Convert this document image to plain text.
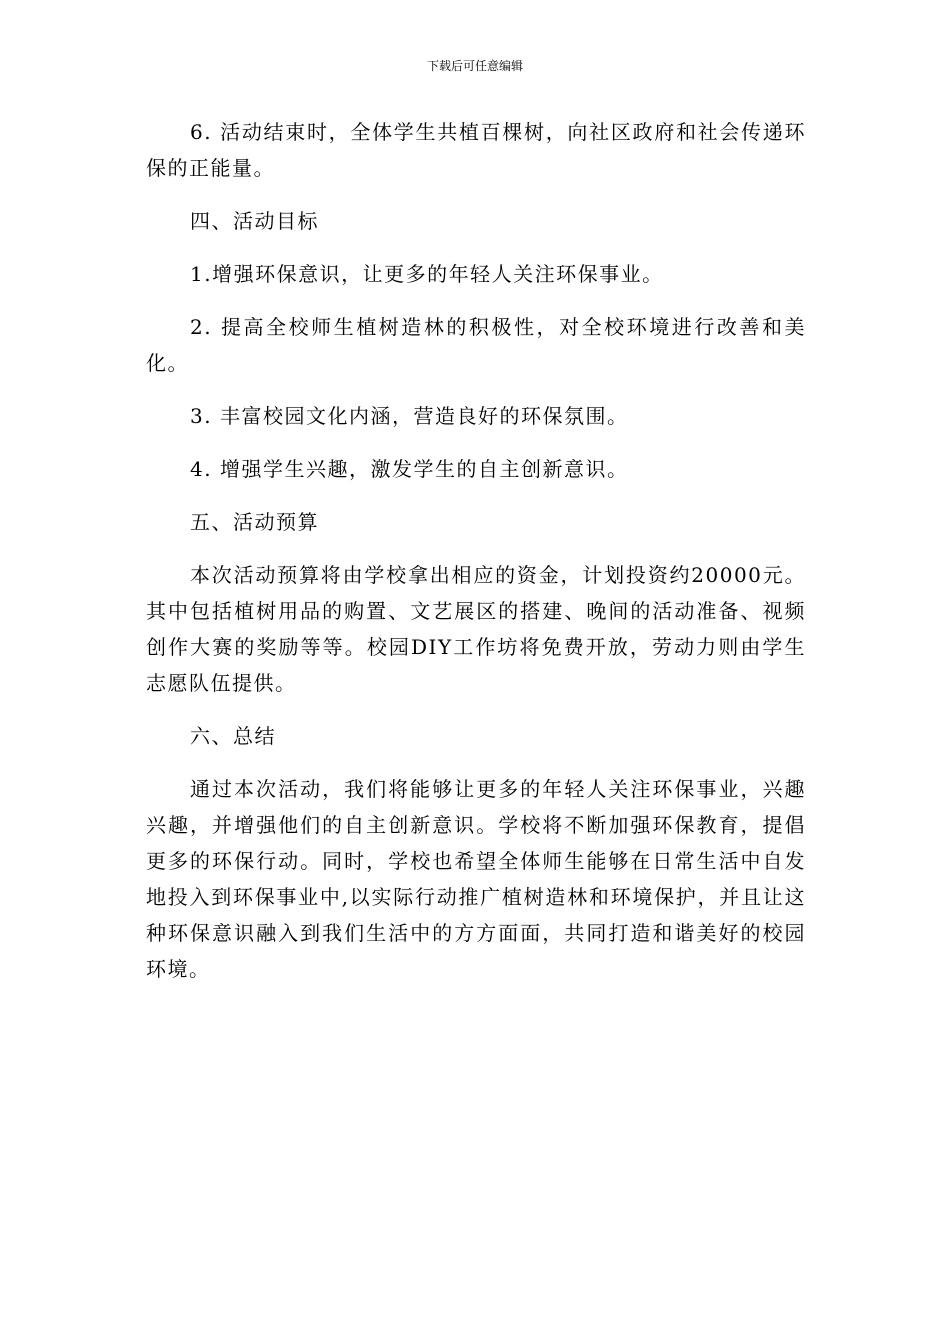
下载后可任意编辑

6. 活动结束时，全体学生共植百棵树，向社区政府和社会传递环保的正能量。

四、活动目标

1.增强环保意识，让更多的年轻人关注环保事业。

2. 提高全校师生植树造林的积极性，对全校环境进行改善和美化。

3. 丰富校园文化内涵，营造良好的环保氛围。

4. 增强学生兴趣，激发学生的自主创新意识。

五、活动预算

本次活动预算将由学校拿出相应的资金，计划投资约20000元。其中包括植树用品的购置、文艺展区的搭建、晚间的活动准备、视频创作大赛的奖励等等。校园DIY工作坊将免费开放，劳动力则由学生志愿队伍提供。

六、总结

通过本次活动，我们将能够让更多的年轻人关注环保事业，兴趣兴趣，并增强他们的自主创新意识。学校将不断加强环保教育，提倡更多的环保行动。同时，学校也希望全体师生能够在日常生活中自发地投入到环保事业中,以实际行动推广植树造林和环境保护，并且让这种环保意识融入到我们生活中的方方面面，共同打造和谐美好的校园环境。
